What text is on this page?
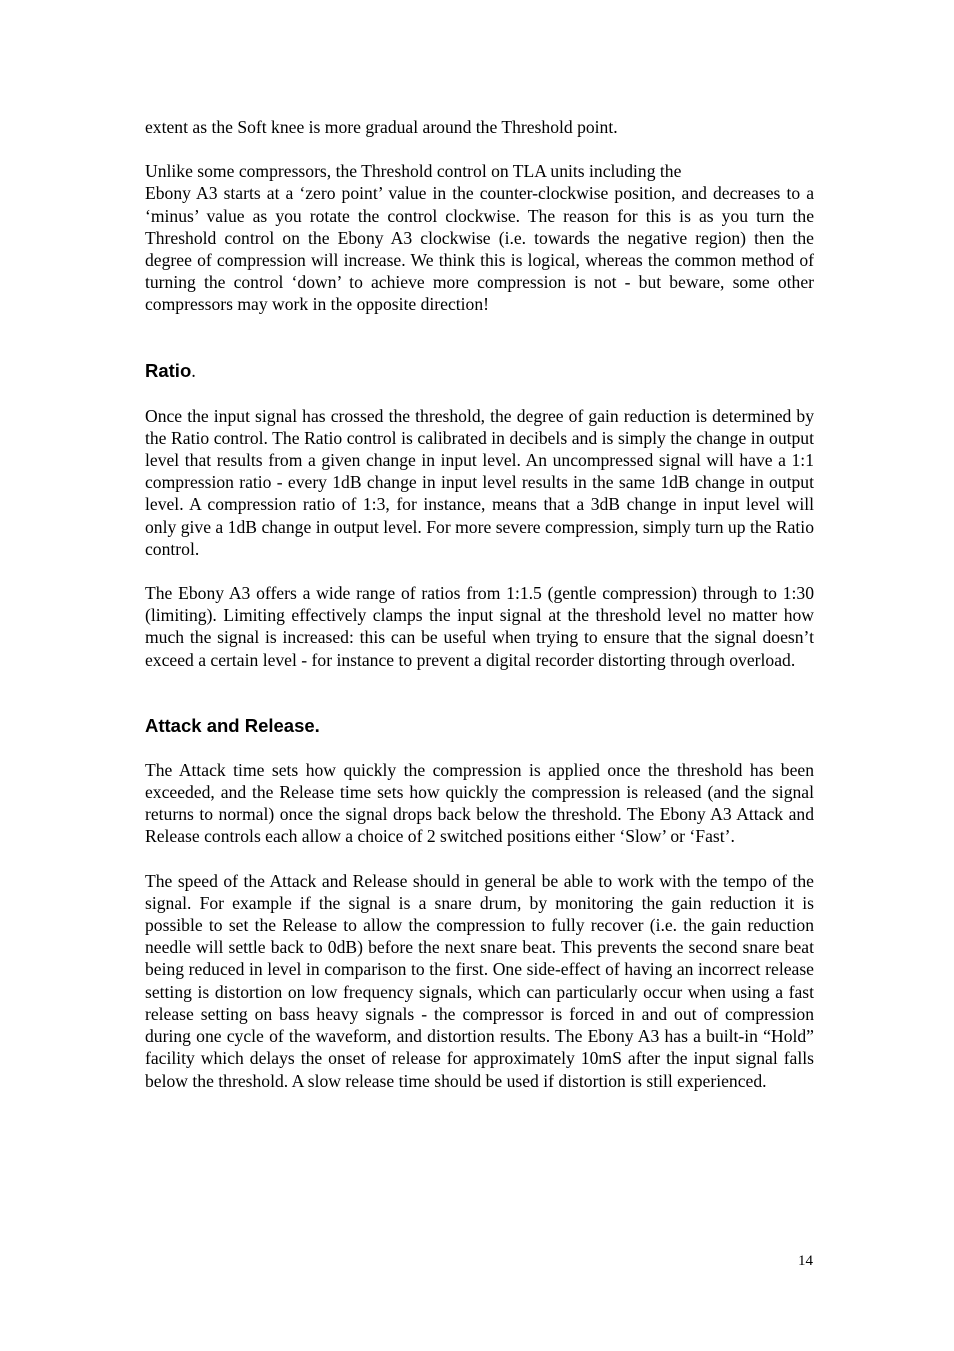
extent as the Soft knee is more gradual around the Threshold point.

Unlike some compressors, the Threshold control on TLA units including the

Ebony A3 starts at a ‘zero point’ value in the counter-clockwise position, and decreases to a ‘minus’ value as you rotate the control clockwise. The reason for this is as you turn the Threshold control on the Ebony A3 clockwise (i.e. towards the negative region) then the degree of compression will increase. We think this is logical, whereas the common method of turning the control ‘down’ to achieve more compression is not - but beware, some other compressors may work in the opposite direction!

Ratio.

Once the input signal has crossed the threshold, the degree of gain reduction is determined by the Ratio control. The Ratio control is calibrated in decibels and is simply the change in output level that results from a given change in input level. An uncompressed signal will have a 1:1 compression ratio - every 1dB change in input level results in the same 1dB change in output level. A compression ratio of 1:3, for instance, means that a 3dB change in input level will only give a 1dB change in output level. For more severe compression, simply turn up the Ratio control.

The Ebony A3 offers a wide range of ratios from 1:1.5 (gentle compression) through to 1:30 (limiting). Limiting effectively clamps the input signal at the threshold level no matter how much the signal is increased: this can be useful when trying to ensure that the signal doesn’t exceed a certain level - for instance to prevent a digital recorder distorting through overload.

Attack and Release.

The Attack time sets how quickly the compression is applied once the threshold has been exceeded, and the Release time sets how quickly the compression is released (and the signal returns to normal) once the signal drops back below the threshold. The Ebony A3 Attack and Release controls each allow a choice of 2 switched positions either ‘Slow’ or ‘Fast’.

The speed of the Attack and Release should in general be able to work with the tempo of the signal. For example if the signal is a snare drum, by monitoring the gain reduction it is possible to set the Release to allow the compression to fully recover (i.e. the gain reduction needle will settle back to 0dB) before the next snare beat. This prevents the second snare beat being reduced in level in comparison to the first. One side-effect of having an incorrect release setting is distortion on low frequency signals, which can particularly occur when using a fast release setting on bass heavy signals - the compressor is forced in and out of compression during one cycle of the waveform, and distortion results. The Ebony A3 has a built-in “Hold” facility which delays the onset of release for approximately 10mS after the input signal falls below the threshold. A slow release time should be used if distortion is still experienced.

14
